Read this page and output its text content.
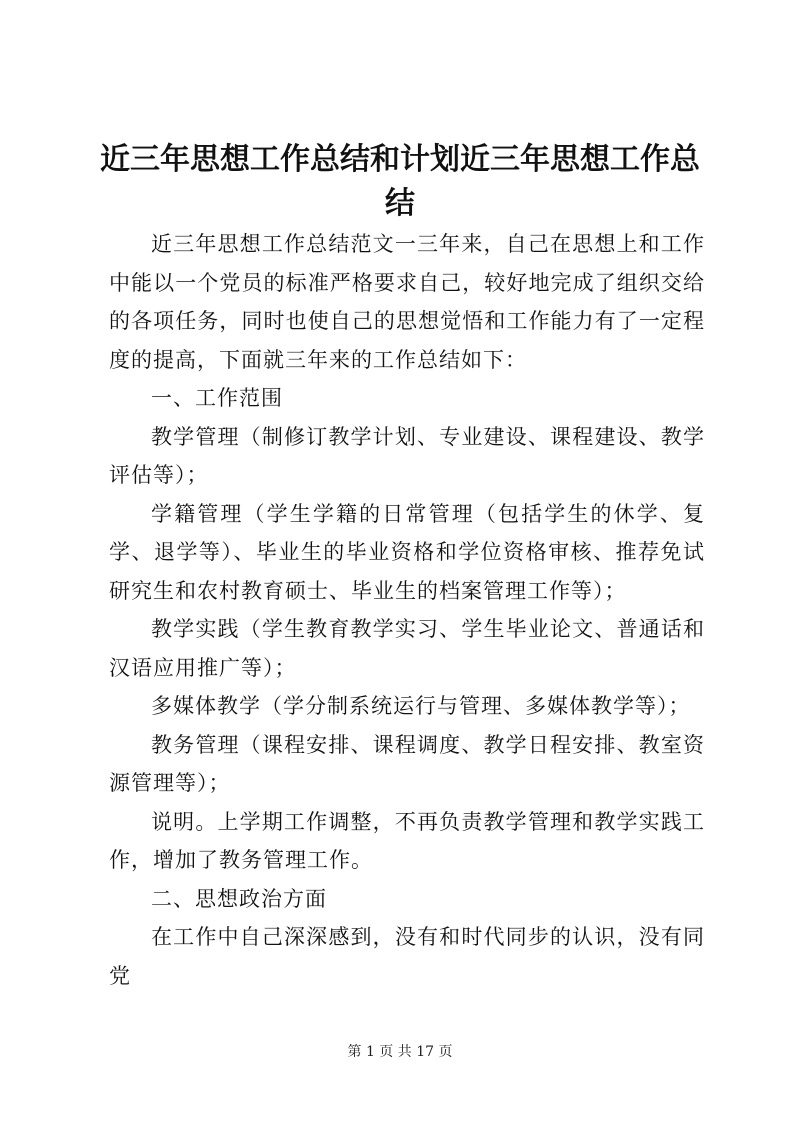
近三年思想工作总结和计划近三年思想工作总结

近三年思想工作总结范文一三年来，自己在思想上和工作中能以一个党员的标准严格要求自己，较好地完成了组织交给的各项任务，同时也使自己的思想觉悟和工作能力有了一定程度的提高，下面就三年来的工作总结如下：

一、工作范围

教学管理（制修订教学计划、专业建设、课程建设、教学评估等）；

学籍管理（学生学籍的日常管理（包括学生的休学、复学、退学等）、毕业生的毕业资格和学位资格审核、推荐免试研究生和农村教育硕士、毕业生的档案管理工作等）；

教学实践（学生教育教学实习、学生毕业论文、普通话和汉语应用推广等）；

多媒体教学（学分制系统运行与管理、多媒体教学等）；

教务管理（课程安排、课程调度、教学日程安排、教室资源管理等）；

说明。上学期工作调整，不再负责教学管理和教学实践工作，增加了教务管理工作。

二、思想政治方面

在工作中自己深深感到，没有和时代同步的认识，没有同党

第 1 页 共 17 页
